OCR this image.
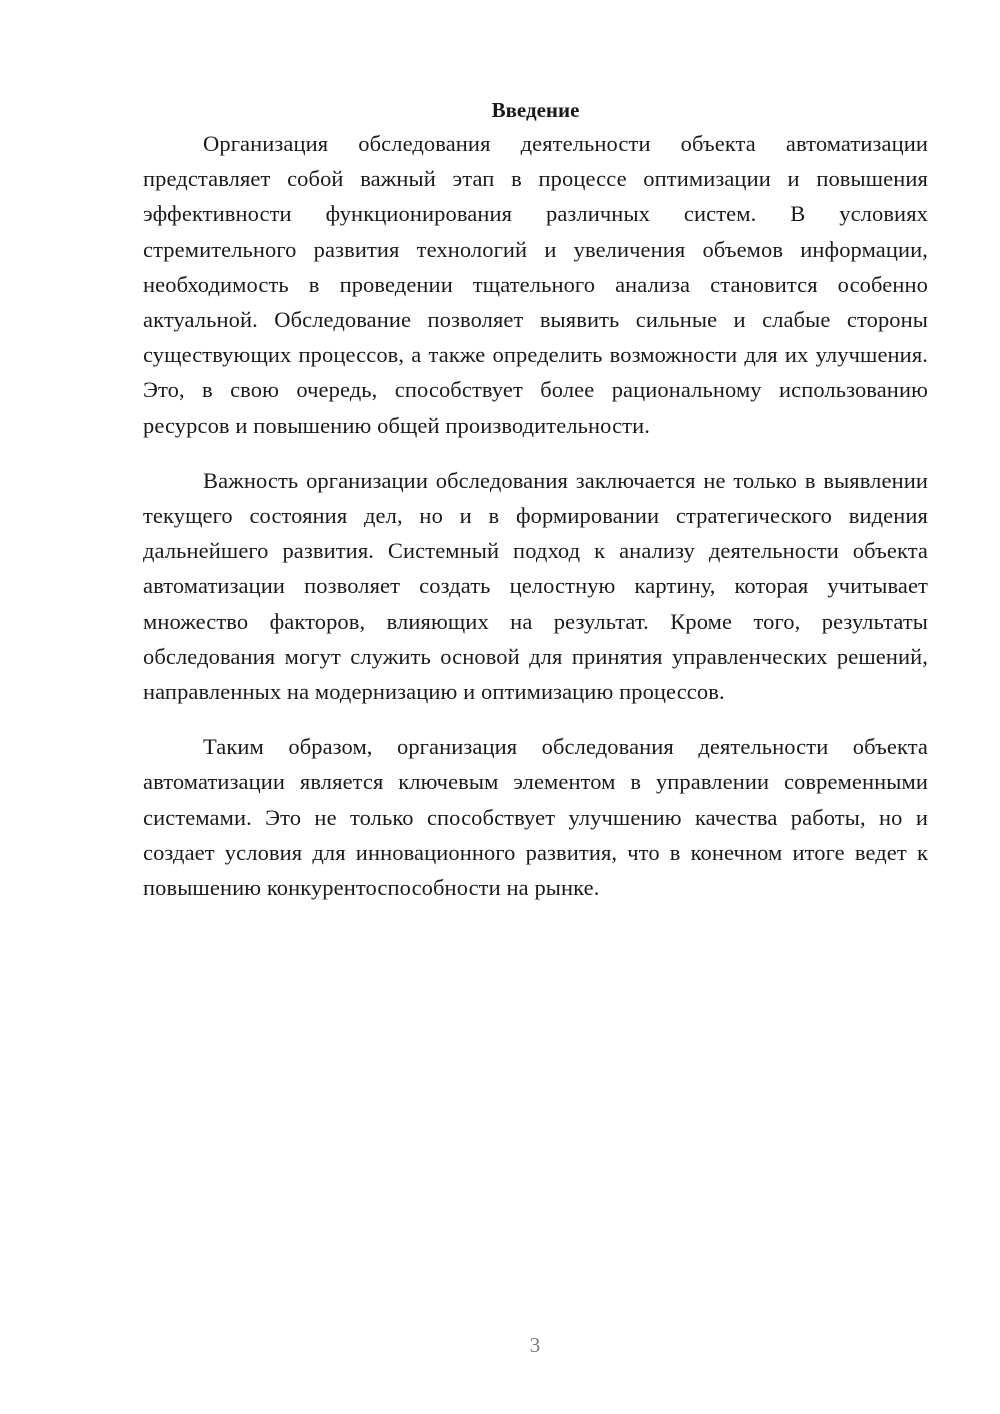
Введение

Организация обследования деятельности объекта автоматизации представляет собой важный этап в процессе оптимизации и повышения эффективности функционирования различных систем. В условиях стремительного развития технологий и увеличения объемов информации, необходимость в проведении тщательного анализа становится особенно актуальной. Обследование позволяет выявить сильные и слабые стороны существующих процессов, а также определить возможности для их улучшения. Это, в свою очередь, способствует более рациональному использованию ресурсов и повышению общей производительности.

Важность организации обследования заключается не только в выявлении текущего состояния дел, но и в формировании стратегического видения дальнейшего развития. Системный подход к анализу деятельности объекта автоматизации позволяет создать целостную картину, которая учитывает множество факторов, влияющих на результат. Кроме того, результаты обследования могут служить основой для принятия управленческих решений, направленных на модернизацию и оптимизацию процессов.

Таким образом, организация обследования деятельности объекта автоматизации является ключевым элементом в управлении современными системами. Это не только способствует улучшению качества работы, но и создает условия для инновационного развития, что в конечном итоге ведет к повышению конкурентоспособности на рынке.

3
